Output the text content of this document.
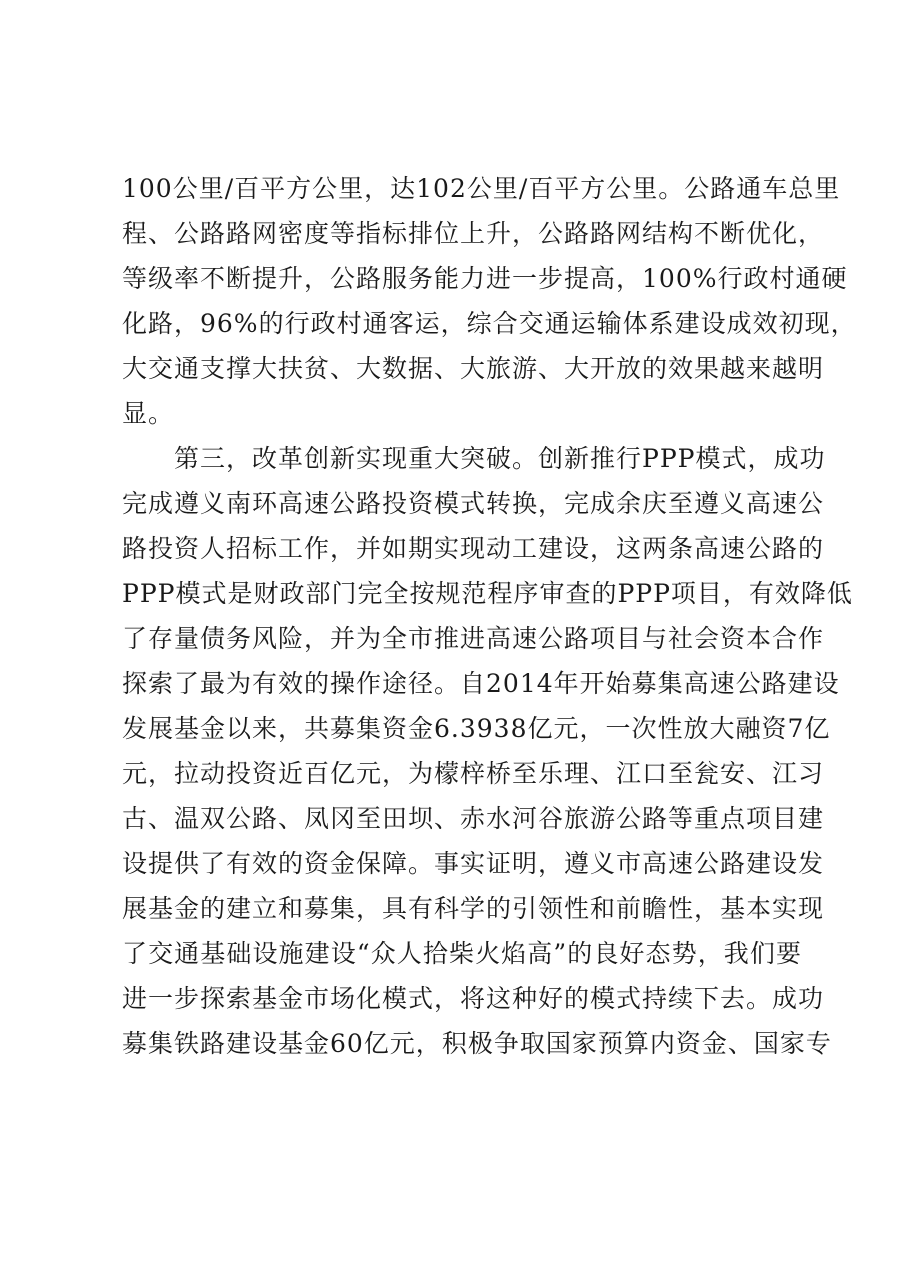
100公里/百平方公里，达102公里/百平方公里。公路通车总里
程、公路路网密度等指标排位上升，公路路网结构不断优化，
等级率不断提升，公路服务能力进一步提高，100%行政村通硬
化路，96%的行政村通客运，综合交通运输体系建设成效初现，
大交通支撑大扶贫、大数据、大旅游、大开放的效果越来越明
显。
第三，改革创新实现重大突破。创新推行PPP模式，成功
完成遵义南环高速公路投资模式转换，完成余庆至遵义高速公
路投资人招标工作，并如期实现动工建设，这两条高速公路的
PPP模式是财政部门完全按规范程序审查的PPP项目，有效降低
了存量债务风险，并为全市推进高速公路项目与社会资本合作
探索了最为有效的操作途径。自2014年开始募集高速公路建设
发展基金以来，共募集资金6.3938亿元，一次性放大融资7亿
元，拉动投资近百亿元，为檬梓桥至乐理、江口至瓮安、江习
古、温双公路、凤冈至田坝、赤水河谷旅游公路等重点项目建
设提供了有效的资金保障。事实证明，遵义市高速公路建设发
展基金的建立和募集，具有科学的引领性和前瞻性，基本实现
了交通基础设施建设“众人拾柴火焰高”的良好态势，我们要
进一步探索基金市场化模式，将这种好的模式持续下去。成功
募集铁路建设基金60亿元，积极争取国家预算内资金、国家专
